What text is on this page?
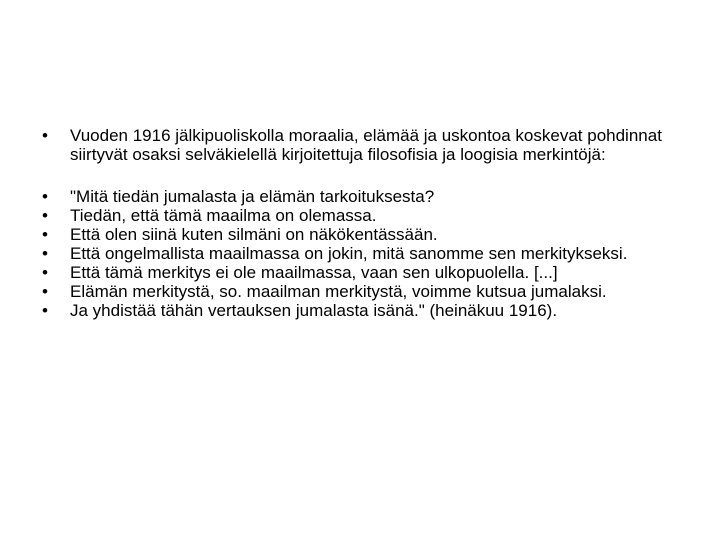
• Vuoden 1916 jälkipuoliskolla moraalia, elämää ja uskontoa koskevat pohdinnat siirtyvät osaksi selväkielellä kirjoitettuja filosofisia ja loogisia merkintöjä:
• "Mitä tiedän jumalasta ja elämän tarkoituksesta?
• Tiedän, että tämä maailma on olemassa.
• Että olen siinä kuten silmäni on näkökentässään.
• Että ongelmallista maailmassa on jokin, mitä sanomme sen merkitykseksi.
• Että tämä merkitys ei ole maailmassa, vaan sen ulkopuolella. [...]
• Elämän merkitystä, so. maailman merkitystä, voimme kutsua jumalaksi.
• Ja yhdistää tähän vertauksen jumalasta isänä." (heinäkuu 1916).
